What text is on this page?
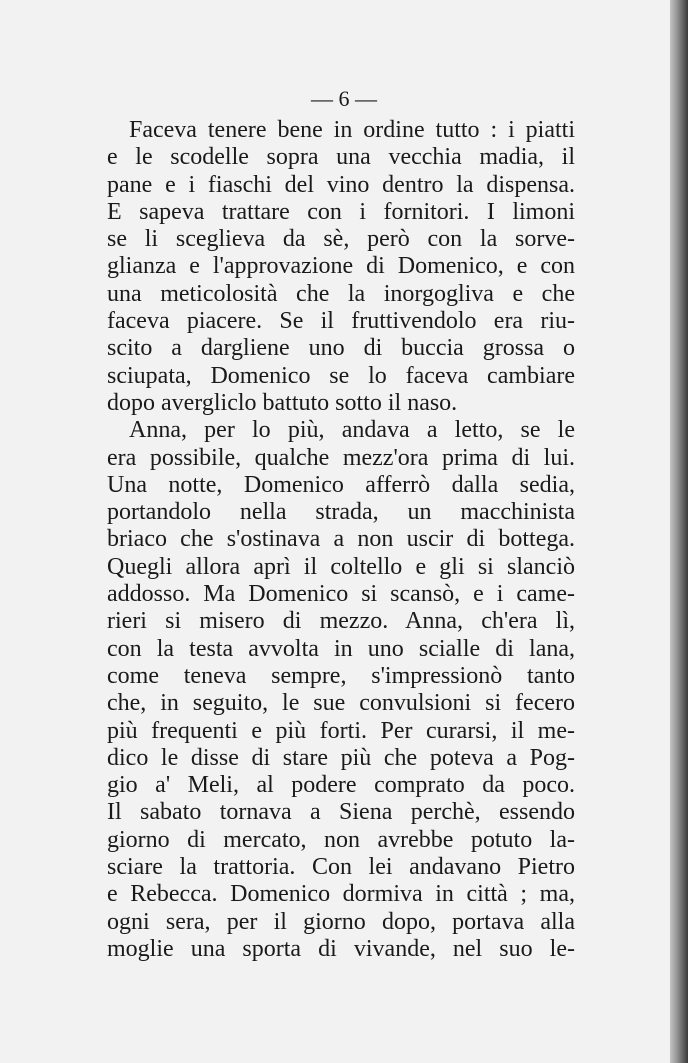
— 6 —
Faceva tenere bene in ordine tutto : i piatti
e le scodelle sopra una vecchia madia, il
pane e i fiaschi del vino dentro la dispensa.
E sapeva trattare con i fornitori. I limoni
se li sceglieva da sè, però con la sorve-
glianza e l'approvazione di Domenico, e con
una meticolosità che la inorgogliva e che
faceva piacere. Se il fruttivendolo era riu-
scito a dargliene uno di buccia grossa o
sciupata, Domenico se lo faceva cambiare
dopo avergliclo battuto sotto il naso.
Anna, per lo più, andava a letto, se le
era possibile, qualche mezz'ora prima di lui.
Una notte, Domenico afferrò dalla sedia,
portandolo nella strada, un macchinista
briaco che s'ostinava a non uscir di bottega.
Quegli allora aprì il coltello e gli si slanciò
addosso. Ma Domenico si scansò, e i came-
rieri si misero di mezzo. Anna, ch'era lì,
con la testa avvolta in uno scialle di lana,
come teneva sempre, s'impressionò tanto
che, in seguito, le sue convulsioni si fecero
più frequenti e più forti. Per curarsi, il me-
dico le disse di stare più che poteva a Pog-
gio a' Meli, al podere comprato da poco.
Il sabato tornava a Siena perchè, essendo
giorno di mercato, non avrebbe potuto la-
sciare la trattoria. Con lei andavano Pietro
e Rebecca. Domenico dormiva in città ; ma,
ogni sera, per il giorno dopo, portava alla
moglie una sporta di vivande, nel suo le-
